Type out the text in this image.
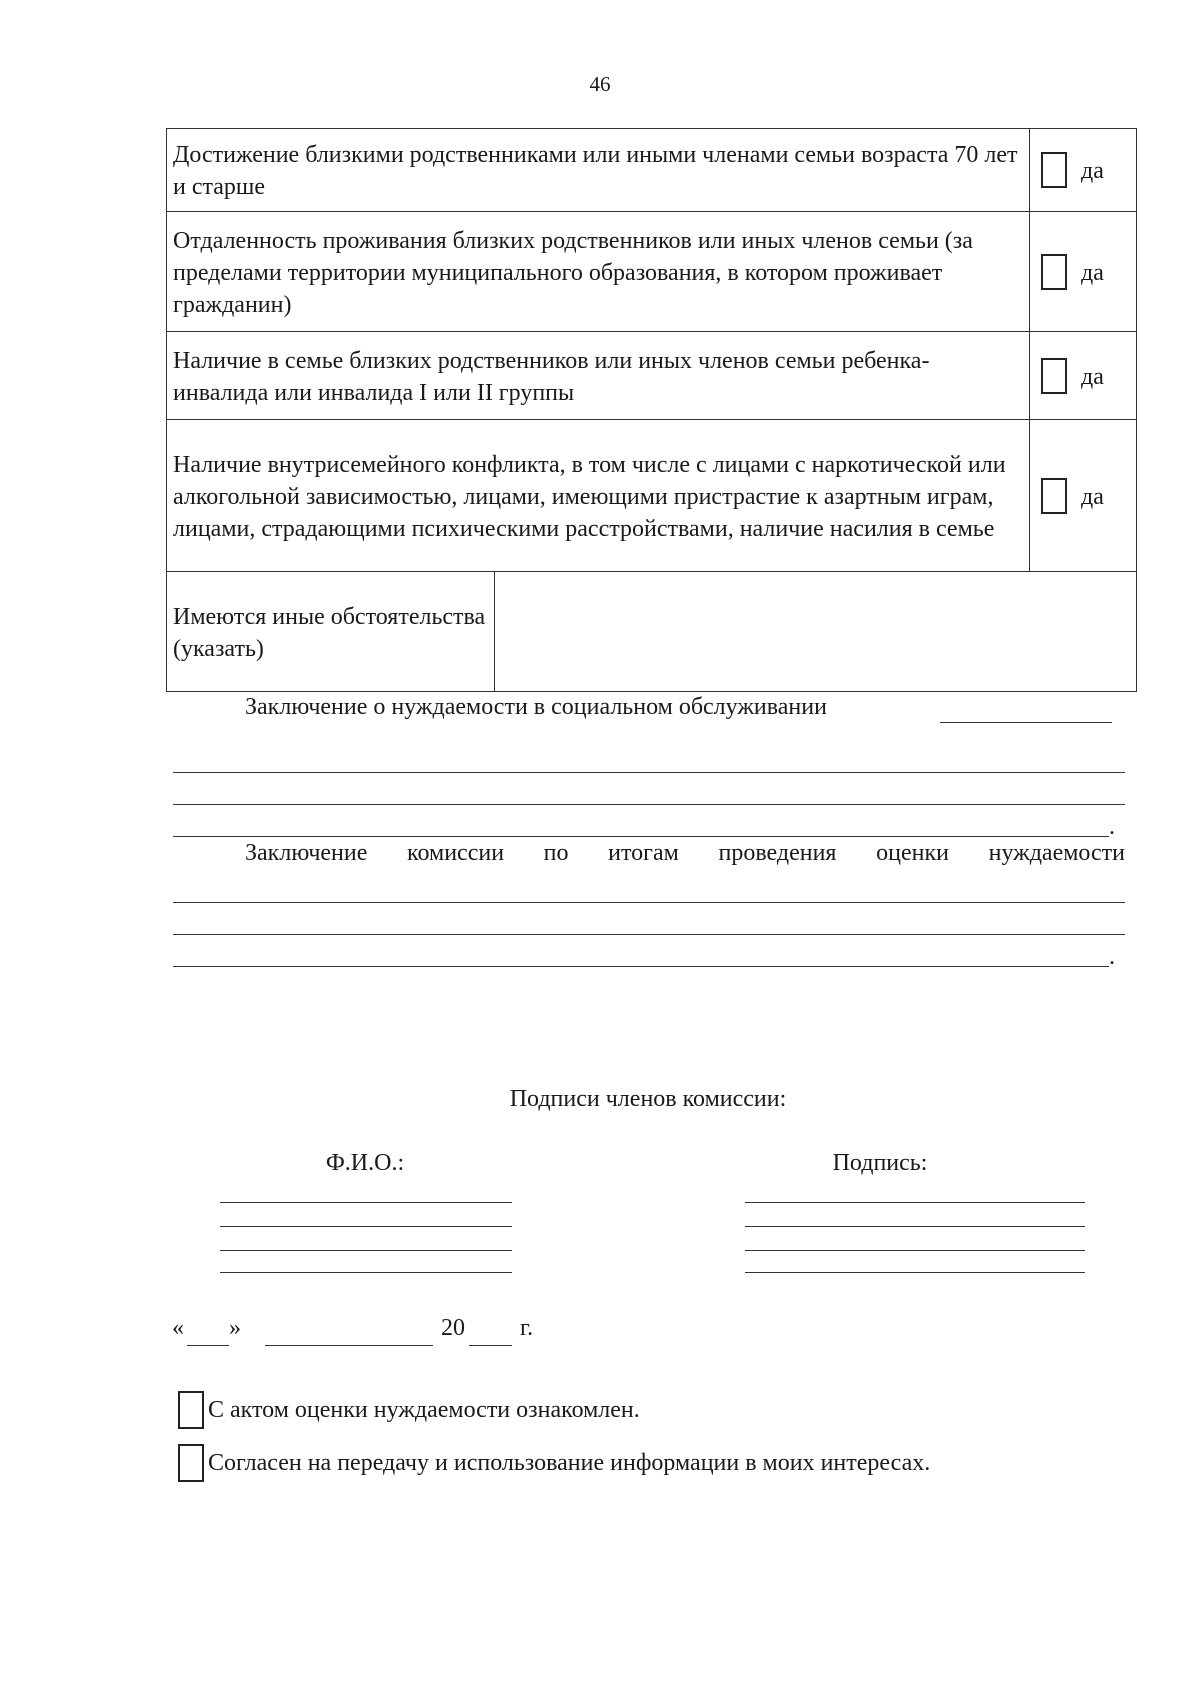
46
Достижение близкими родственниками или иными членами семьи возраста 70 лет и старше		да

Отдаленность проживания близких родственников или иных членов семьи (за пределами территории муниципального образования, в котором проживает гражданин)		да

Наличие в семье близких родственников или иных членов семьи ребенка-инвалида или инвалида I или II группы		да

Наличие внутрисемейного конфликта, в том числе с лицами с наркотической или алкогольной зависимостью, лицами, имеющими пристрастие к азартным играм, лицами, страдающими психическими расстройствами, наличие насилия в семье		да

Имеются иные обстоятельства (указать)		
Заключение о нуждаемости в социальном обслуживании
.
Заключение комиссии по итогам проведения оценки нуждаемости
.
Подписи членов комиссии:
Ф.И.О.:	Подпись:
« »	20 г.
С актом оценки нуждаемости ознакомлен.
Согласен на передачу и использование информации в моих интересах.
